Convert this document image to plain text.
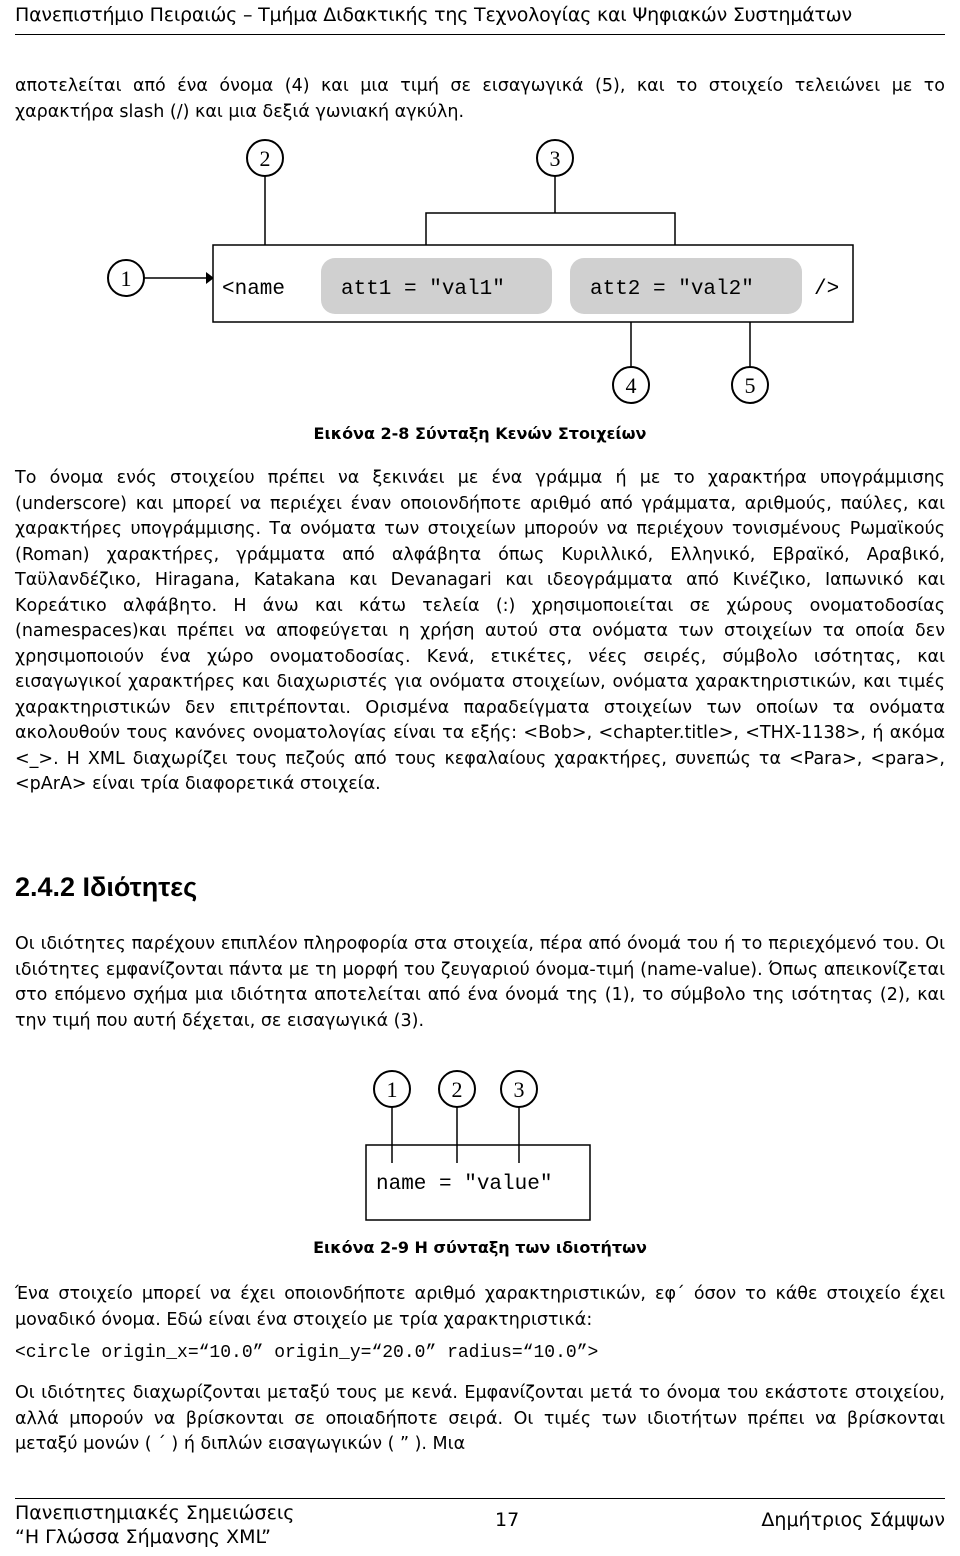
Πανεπιστήμιο Πειραιώς – Τμήμα Διδακτικής της Τεχνολογίας και Ψηφιακών Συστημάτων
αποτελείται από ένα όνομα (4) και μια τιμή σε εισαγωγικά (5), και το στοιχείο τελειώνει με το χαρακτήρα slash (/) και μια δεξιά γωνιακή αγκύλη.
2	3
1
4	5
<name	att1 = "val1"	att2 = "val2"	/>
Εικόνα 2-8 Σύνταξη Κενών Στοιχείων
Το όνομα ενός στοιχείου πρέπει να ξεκινάει με ένα γράμμα ή με το χαρακτήρα υπογράμμισης (underscore) και μπορεί να περιέχει έναν οποιονδήποτε αριθμό από γράμματα, αριθμούς, παύλες, και χαρακτήρες υπογράμμισης. Τα ονόματα των στοιχείων μπορούν να περιέχουν τονισμένους Ρωμαϊκούς (Roman) χαρακτήρες, γράμματα από αλφάβητα όπως Κυριλλικό, Ελληνικό, Εβραϊκό, Αραβικό, Ταϋλανδέζικο, Hiragana, Katakana και Devanagari και ιδεογράμματα από Κινέζικο, Ιαπωνικό και Κορεάτικο αλφάβητο. Η άνω και κάτω τελεία (:) χρησιμοποιείται σε χώρους ονοματοδοσίας (namespaces)και πρέπει να αποφεύγεται η χρήση αυτού στα ονόματα των στοιχείων τα οποία δεν χρησιμοποιούν ένα χώρο ονοματοδοσίας. Κενά, ετικέτες, νέες σειρές, σύμβολο ισότητας, και εισαγωγικοί χαρακτήρες και διαχωριστές για ονόματα στοιχείων, ονόματα χαρακτηριστικών, και τιμές χαρακτηριστικών δεν επιτρέπονται. Ορισμένα παραδείγματα στοιχείων των οποίων τα ονόματα ακολουθούν τους κανόνες ονοματολογίας είναι τα εξής: <Bob>, <chapter.title>, <THX-1138>, ή ακόμα <_>. Η XML διαχωρίζει τους πεζούς από τους κεφαλαίους χαρακτήρες, συνεπώς τα <Para>, <para>, <pArA> είναι τρία διαφορετικά στοιχεία.
2.4.2 Ιδιότητες
Οι ιδιότητες παρέχουν επιπλέον πληροφορία στα στοιχεία, πέρα από όνομά του ή το περιεχόμενό του. Οι ιδιότητες εμφανίζονται πάντα με τη μορφή του ζευγαριού όνομα-τιμή (name-value). Όπως απεικονίζεται στο επόμενο σχήμα μια ιδιότητα αποτελείται από ένα όνομά της (1), το σύμβολο της ισότητας (2), και την τιμή που αυτή δέχεται, σε εισαγωγικά (3).
1 2 3
name = "value"
Εικόνα 2-9 Η σύνταξη των ιδιοτήτων
Ένα στοιχείο μπορεί να έχει οποιονδήποτε αριθμό χαρακτηριστικών, εφ΄ όσον το κάθε στοιχείο έχει μοναδικό όνομα. Εδώ είναι ένα στοιχείο με τρία χαρακτηριστικά:
<circle origin_x=“10.0” origin_y=“20.0” radius=“10.0”>
Οι ιδιότητες διαχωρίζονται μεταξύ τους με κενά. Εμφανίζονται μετά το όνομα του εκάστοτε στοιχείου, αλλά μπορούν να βρίσκονται σε οποιαδήποτε σειρά. Οι τιμές των ιδιοτήτων πρέπει να βρίσκονται μεταξύ μονών ( ΄ ) ή διπλών εισαγωγικών ( ” ). Μια
Πανεπιστημιακές Σημειώσεις
“Η Γλώσσα Σήμανσης XML”
17	Δημήτριος Σάμψων
